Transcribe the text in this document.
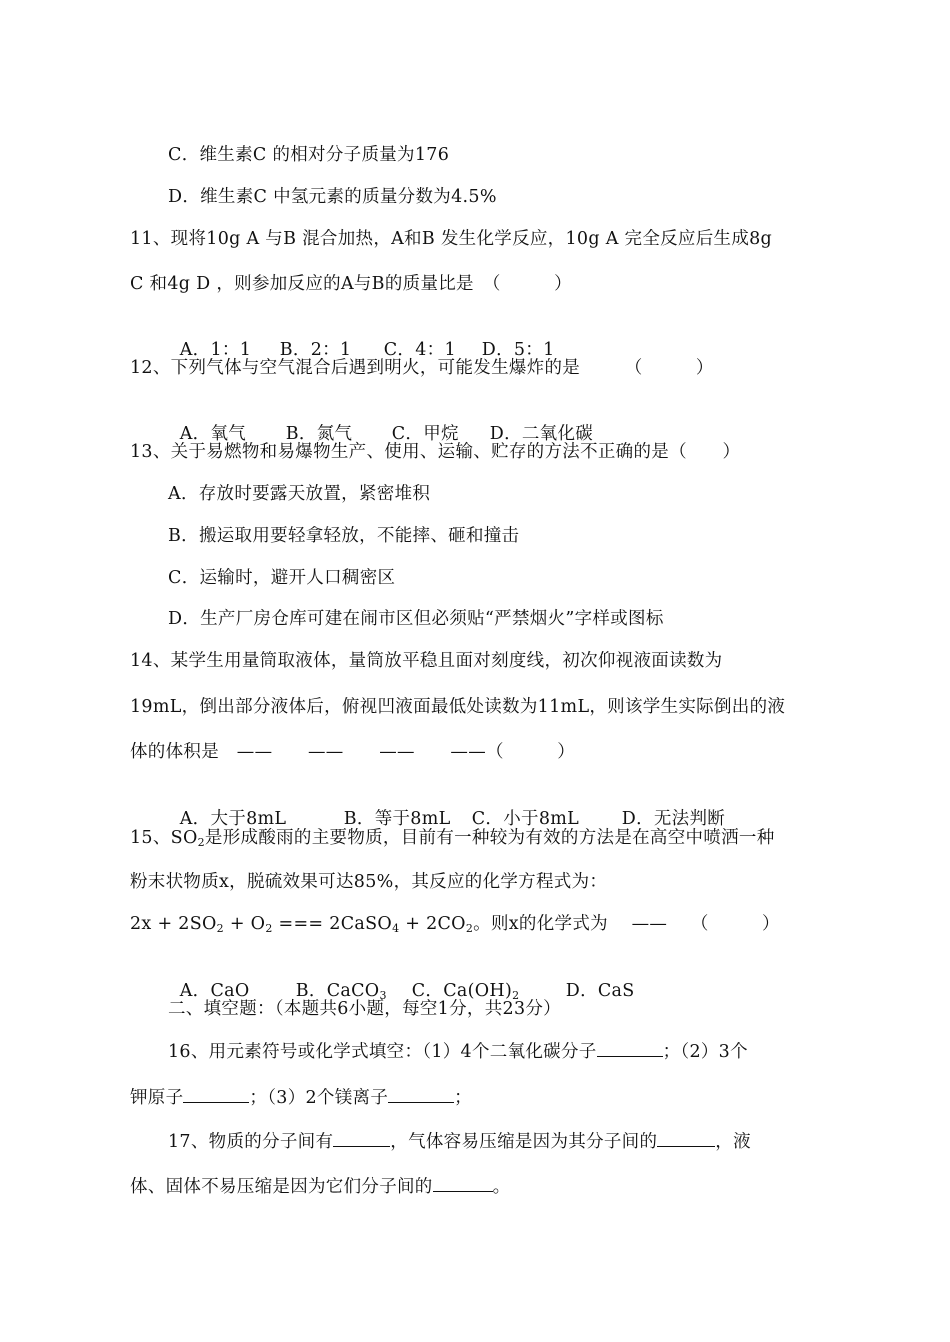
C．维生素C 的相对分子质量为176
D．维生素C 中氢元素的质量分数为4.5%
11、现将10g A 与B 混合加热，A和B 发生化学反应，10g A 完全反应后生成8g
C 和4g D ，则参加反应的A与B的质量比是　（　　　）

A．1：1 B．2：1 C．4：1 D．5：1

12、下列气体与空气混合后遇到明火，可能发生爆炸的是　　　（　　　）

A．氧气 B．氮气 C．甲烷 D．二氧化碳

13、关于易燃物和易爆物生产、使用、运输、贮存的方法不正确的是（　　）
A．存放时要露天放置，紧密堆积
B．搬运取用要轻拿轻放，不能摔、砸和撞击
C．运输时，避开人口稠密区
D．生产厂房仓库可建在闹市区但必须贴“严禁烟火”字样或图标
14、某学生用量筒取液体，量筒放平稳且面对刻度线，初次仰视液面读数为
19mL，倒出部分液体后，俯视凹液面最低处读数为11mL，则该学生实际倒出的液
体的体积是　——　　——　　——　　——（　　　）

A．大于8mL	B．等于8mL C．小于8mL D．无法判断

15、$SO_2$是形成酸雨的主要物质，目前有一种较为有效的方法是在高空中喷洒一种
粉末状物质x，脱硫效果可达85%，其反应的化学方程式为：
$2x + 2SO_2 + O_2$ === 2CaSO$_4$ + $2CO_2$。则x的化学式为　 ——　 （　　　）

A．CaO	B．CaCO$_3$ C．$Ca(OH)_2$	D．CaS

二、填空题：（本题共6小题，每空1分，共23分）
16、用元素符号或化学式填空：（1）4个二氧化碳分子	；（2）3个
钾原子	；（3）2个镁离子	；
17、物质的分子间有	，气体容易压缩是因为其分子间的	，液
体、固体不易压缩是因为它们分子间的	。
